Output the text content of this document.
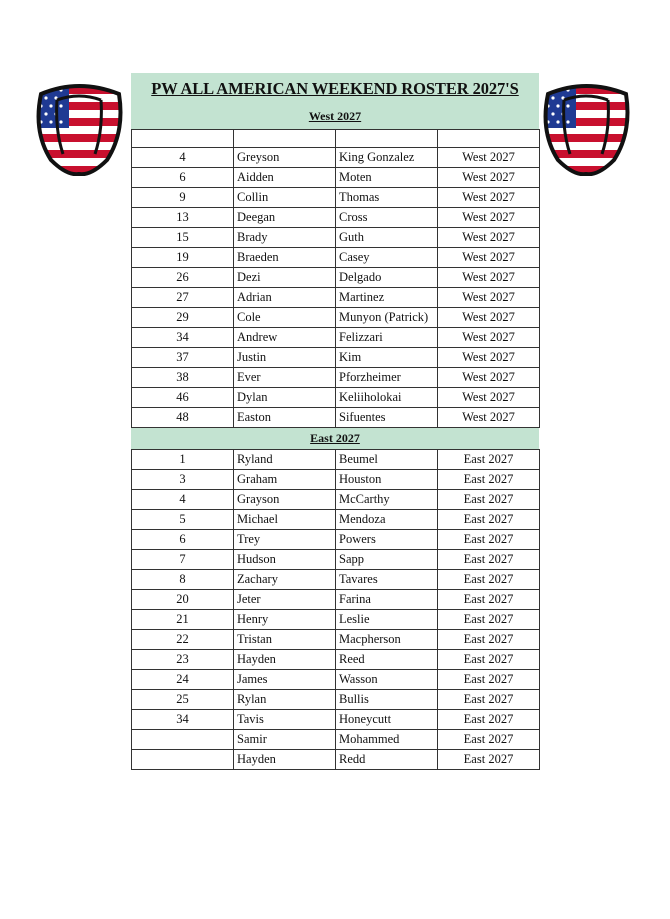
PW ALL AMERICAN WEEKEND ROSTER 2027'S
West 2027

4	Greyson	King Gonzalez	West 2027
6	Aidden	Moten	West 2027
9	Collin	Thomas	West 2027
13	Deegan	Cross	West 2027
15	Brady	Guth	West 2027
19	Braeden	Casey	West 2027
26	Dezi	Delgado	West 2027
27	Adrian	Martinez	West 2027
29	Cole	Munyon (Patrick)	West 2027
34	Andrew	Felizzari	West 2027
37	Justin	Kim	West 2027
38	Ever	Pforzheimer	West 2027
46	Dylan	Keliiholokai	West 2027
48	Easton	Sifuentes	West 2027
East 2027
1	Ryland	Beumel	East 2027
3	Graham	Houston	East 2027
4	Grayson	McCarthy	East 2027
5	Michael	Mendoza	East 2027
6	Trey	Powers	East 2027
7	Hudson	Sapp	East 2027
8	Zachary	Tavares	East 2027
20	Jeter	Farina	East 2027
21	Henry	Leslie	East 2027
22	Tristan	Macpherson	East 2027
23	Hayden	Reed	East 2027
24	James	Wasson	East 2027
25	Rylan	Bullis	East 2027
34	Tavis	Honeycutt	East 2027
	Samir	Mohammed	East 2027
	Hayden	Redd	East 2027
